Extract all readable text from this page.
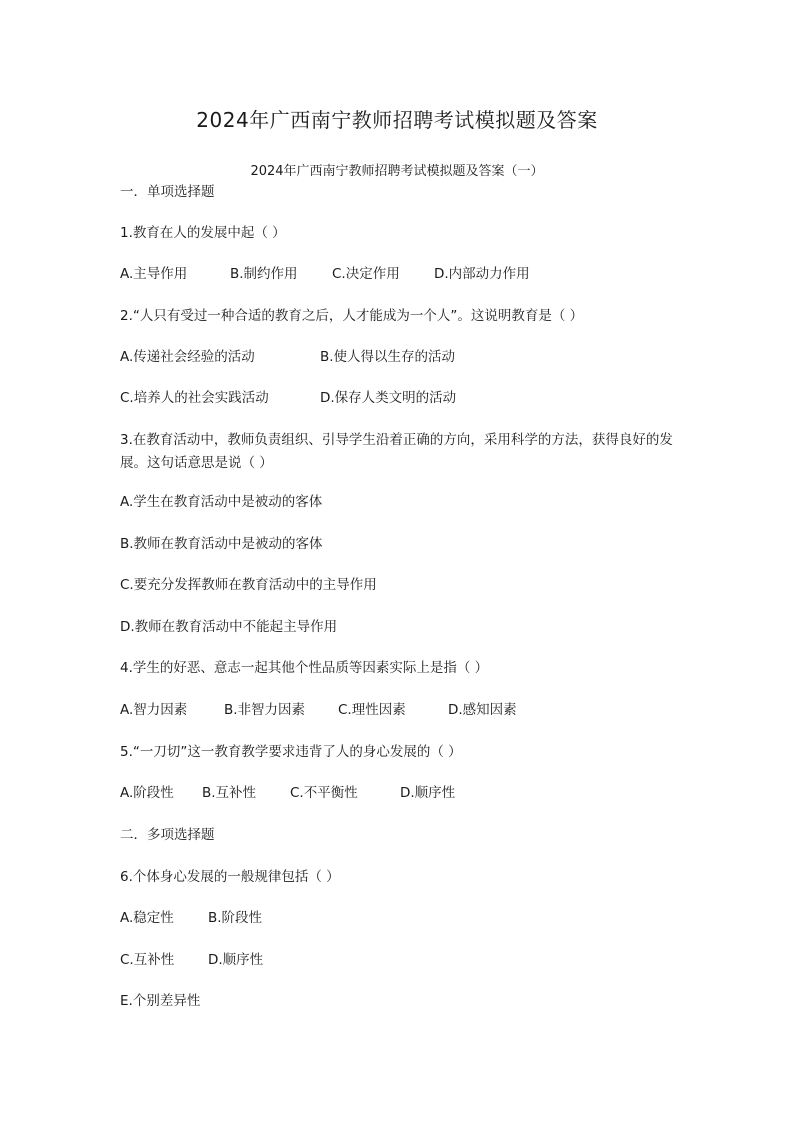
2024年广西南宁教师招聘考试模拟题及答案
2024年广西南宁教师招聘考试模拟题及答案（一）
一．单项选择题
1.教育在人的发展中起（ ）
A.主导作用	B.制约作用	C.决定作用	D.内部动力作用
2.“人只有受过一种合适的教育之后，人才能成为一个人”。这说明教育是（ ）
A.传递社会经验的活动	B.使人得以生存的活动
C.培养人的社会实践活动	D.保存人类文明的活动
3.在教育活动中，教师负责组织、引导学生沿着正确的方向，采用科学的方法，获得良好的发展。这句话意思是说（ ）
A.学生在教育活动中是被动的客体
B.教师在教育活动中是被动的客体
C.要充分发挥教师在教育活动中的主导作用
D.教师在教育活动中不能起主导作用
4.学生的好恶、意志一起其他个性品质等因素实际上是指（ ）
A.智力因素	B.非智力因素 C.理性因素	D.感知因素
5.“一刀切”这一教育教学要求违背了人的身心发展的（ ）
A.阶段性 B.互补性	C.不平衡性	D.顺序性
二．多项选择题
6.个体身心发展的一般规律包括（ ）
A.稳定性	B.阶段性
C.互补性	D.顺序性
E.个别差异性
